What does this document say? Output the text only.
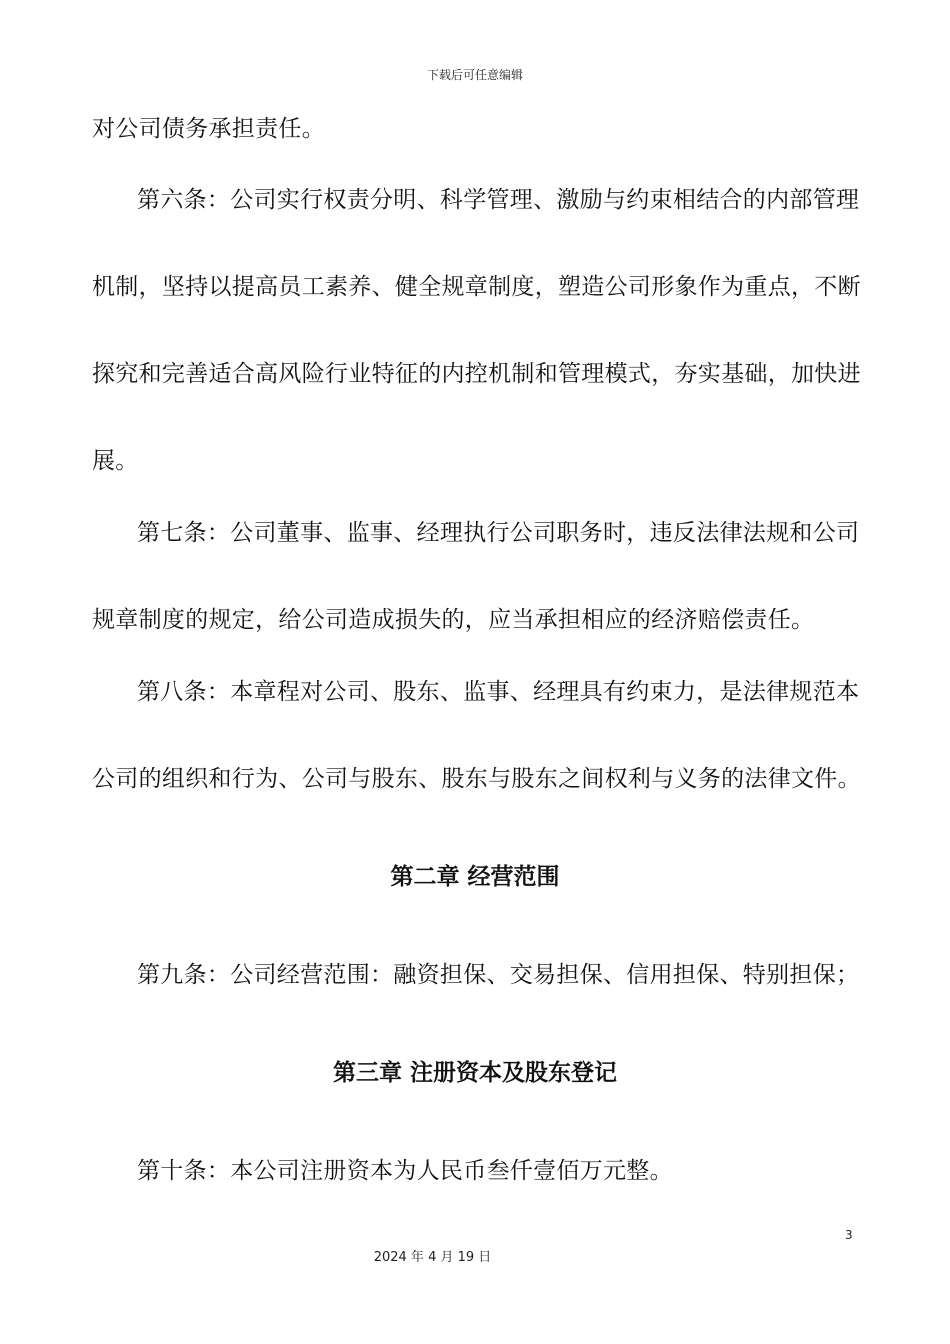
下载后可任意编辑
对公司债务承担责任。
第六条：公司实行权责分明、科学管理、激励与约束相结合的内部管理
机制，坚持以提高员工素养、健全规章制度，塑造公司形象作为重点，不断
探究和完善适合高风险行业特征的内控机制和管理模式，夯实基础，加快进
展。
第七条：公司董事、监事、经理执行公司职务时，违反法律法规和公司
规章制度的规定，给公司造成损失的，应当承担相应的经济赔偿责任。
第八条：本章程对公司、股东、监事、经理具有约束力，是法律规范本
公司的组织和行为、公司与股东、股东与股东之间权利与义务的法律文件。
第二章 经营范围
第九条：公司经营范围：融资担保、交易担保、信用担保、特别担保；
第三章 注册资本及股东登记
第十条：本公司注册资本为人民币叁仟壹佰万元整。
3
2024 年 4 月 19 日
